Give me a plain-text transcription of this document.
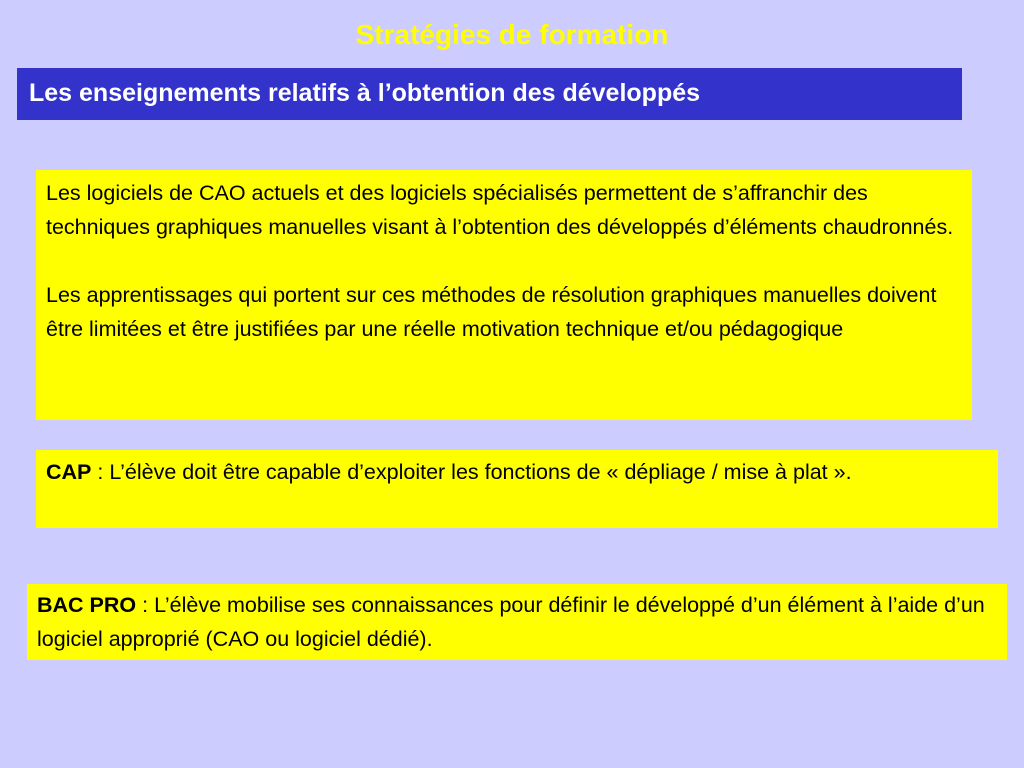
Stratégies de formation
Les enseignements relatifs à l’obtention des développés

Les logiciels de CAO actuels et des logiciels spécialisés permettent de s’affranchir des techniques graphiques manuelles visant à l’obtention des développés d’éléments chaudronnés.

Les apprentissages qui portent sur ces méthodes de résolution graphiques manuelles doivent être limitées et être justifiées par une réelle motivation technique et/ou pédagogique

CAP : L’élève doit être capable d’exploiter les fonctions de « dépliage / mise à plat ».

BAC PRO : L’élève mobilise ses connaissances pour définir le développé d’un élément à l’aide d’un logiciel approprié (CAO ou logiciel dédié).
